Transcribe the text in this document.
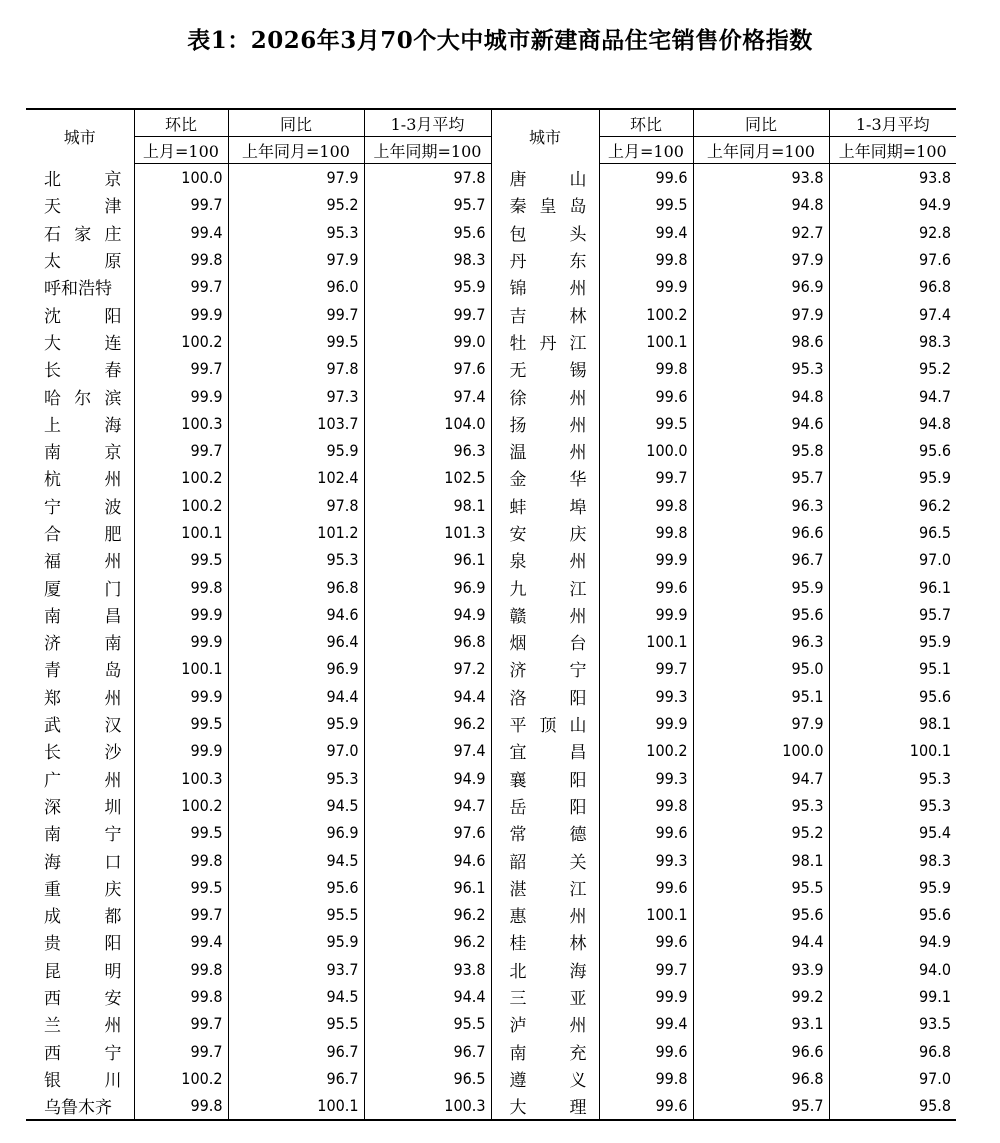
表1：2026年3月70个大中城市新建商品住宅销售价格指数
城市	环比	同比	1-3月平均	城市	环比	同比	1-3月平均
	上月=100	上年同月=100	上年同期=100		上月=100	上年同月=100	上年同期=100
北京	100.0	97.9	97.8	唐山	99.6	93.8	93.8
天津	99.7	95.2	95.7	秦皇岛	99.5	94.8	94.9
石家庄	99.4	95.3	95.6	包头	99.4	92.7	92.8
太原	99.8	97.9	98.3	丹东	99.8	97.9	97.6
呼和浩特	99.7	96.0	95.9	锦州	99.9	96.9	96.8
沈阳	99.9	99.7	99.7	吉林	100.2	97.9	97.4
大连	100.2	99.5	99.0	牡丹江	100.1	98.6	98.3
长春	99.7	97.8	97.6	无锡	99.8	95.3	95.2
哈尔滨	99.9	97.3	97.4	徐州	99.6	94.8	94.7
上海	100.3	103.7	104.0	扬州	99.5	94.6	94.8
南京	99.7	95.9	96.3	温州	100.0	95.8	95.6
杭州	100.2	102.4	102.5	金华	99.7	95.7	95.9
宁波	100.2	97.8	98.1	蚌埠	99.8	96.3	96.2
合肥	100.1	101.2	101.3	安庆	99.8	96.6	96.5
福州	99.5	95.3	96.1	泉州	99.9	96.7	97.0
厦门	99.8	96.8	96.9	九江	99.6	95.9	96.1
南昌	99.9	94.6	94.9	赣州	99.9	95.6	95.7
济南	99.9	96.4	96.8	烟台	100.1	96.3	95.9
青岛	100.1	96.9	97.2	济宁	99.7	95.0	95.1
郑州	99.9	94.4	94.4	洛阳	99.3	95.1	95.6
武汉	99.5	95.9	96.2	平顶山	99.9	97.9	98.1
长沙	99.9	97.0	97.4	宜昌	100.2	100.0	100.1
广州	100.3	95.3	94.9	襄阳	99.3	94.7	95.3
深圳	100.2	94.5	94.7	岳阳	99.8	95.3	95.3
南宁	99.5	96.9	97.6	常德	99.6	95.2	95.4
海口	99.8	94.5	94.6	韶关	99.3	98.1	98.3
重庆	99.5	95.6	96.1	湛江	99.6	95.5	95.9
成都	99.7	95.5	96.2	惠州	100.1	95.6	95.6
贵阳	99.4	95.9	96.2	桂林	99.6	94.4	94.9
昆明	99.8	93.7	93.8	北海	99.7	93.9	94.0
西安	99.8	94.5	94.4	三亚	99.9	99.2	99.1
兰州	99.7	95.5	95.5	泸州	99.4	93.1	93.5
西宁	99.7	96.7	96.7	南充	99.6	96.6	96.8
银川	100.2	96.7	96.5	遵义	99.8	96.8	97.0
乌鲁木齐	99.8	100.1	100.3	大理	99.6	95.7	95.8
